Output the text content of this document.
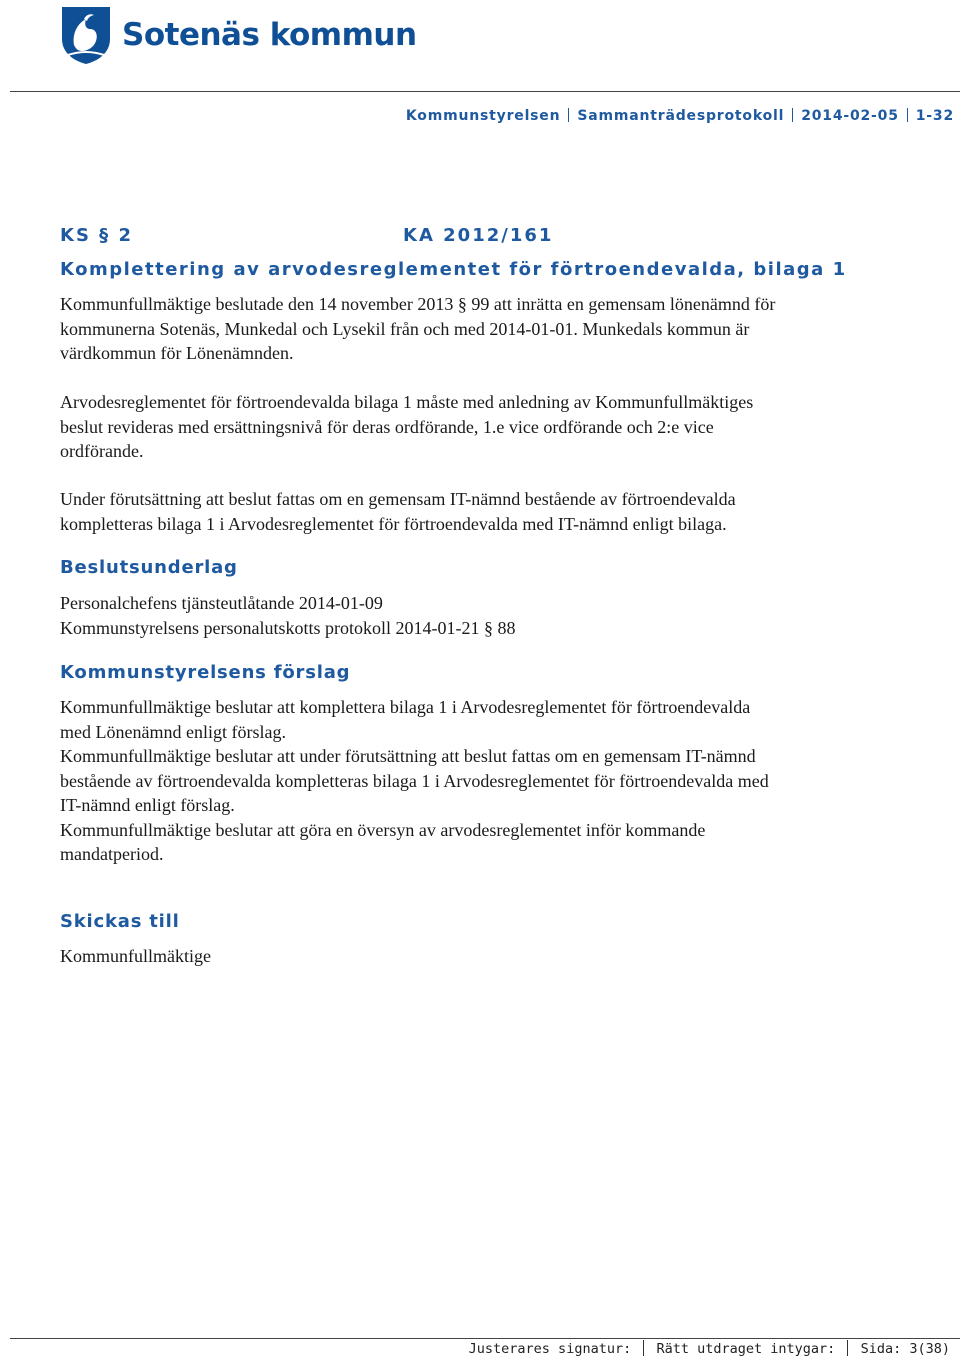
Sotenäs kommun
Kommunstyrelsen Sammanträdesprotokoll 2014-02-05 1-32
KS § 2	KA 2012/161
Komplettering av arvodesreglementet för förtroendevalda, bilaga 1
Kommunfullmäktige beslutade den 14 november 2013 § 99 att inrätta en gemensam lönenämnd för
kommunerna Sotenäs, Munkedal och Lysekil från och med 2014-01-01. Munkedals kommun är
värdkommun för Lönenämnden.
Arvodesreglementet för förtroendevalda bilaga 1 måste med anledning av Kommunfullmäktiges
beslut revideras med ersättningsnivå för deras ordförande, 1.e vice ordförande och 2:e vice
ordförande.
Under förutsättning att beslut fattas om en gemensam IT-nämnd bestående av förtroendevalda
kompletteras bilaga 1 i Arvodesreglementet för förtroendevalda med IT-nämnd enligt bilaga.
Beslutsunderlag
Personalchefens tjänsteutlåtande 2014-01-09
Kommunstyrelsens personalutskotts protokoll 2014-01-21 § 88
Kommunstyrelsens förslag
Kommunfullmäktige beslutar att komplettera bilaga 1 i Arvodesreglementet för förtroendevalda
med Lönenämnd enligt förslag.
Kommunfullmäktige beslutar att under förutsättning att beslut fattas om en gemensam IT-nämnd
bestående av förtroendevalda kompletteras bilaga 1 i Arvodesreglementet för förtroendevalda med
IT-nämnd enligt förslag.
Kommunfullmäktige beslutar att göra en översyn av arvodesreglementet inför kommande
mandatperiod.
Skickas till
Kommunfullmäktige
Justerares signatur: Rätt utdraget intygar: Sida: 3(38)
